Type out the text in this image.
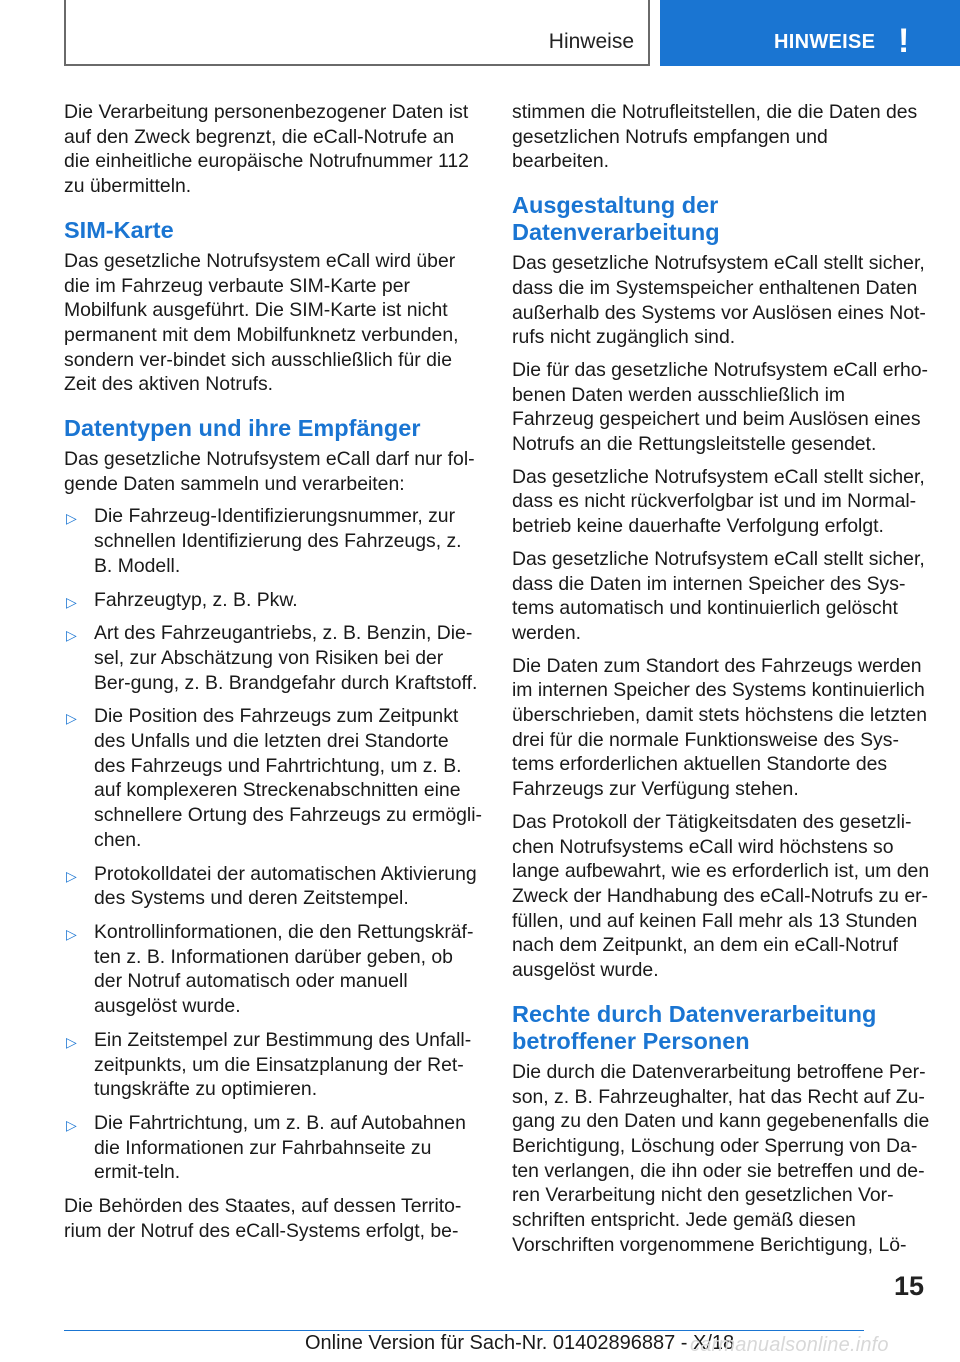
Hinweise	HINWEISE !

Die Verarbeitung personenbezogener Daten ist auf den Zweck begrenzt, die eCall-Notrufe an die einheitliche europäische Notrufnummer 112 zu übermitteln.

SIM-Karte

Das gesetzliche Notrufsystem eCall wird über die im Fahrzeug verbaute SIM-Karte per Mobilfunk ausgeführt. Die SIM-Karte ist nicht permanent mit dem Mobilfunknetz verbunden, sondern ver-bindet sich ausschließlich für die Zeit des aktiven Notrufs.

Datentypen und ihre Empfänger

Das gesetzliche Notrufsystem eCall darf nur fol-gende Daten sammeln und verarbeiten:

▷ Die Fahrzeug-Identifizierungsnummer, zur schnellen Identifizierung des Fahrzeugs, z. B. Modell.
▷ Fahrzeugtyp, z. B. Pkw.
▷ Art des Fahrzeugantriebs, z. B. Benzin, Die-sel, zur Abschätzung von Risiken bei der Ber-gung, z. B. Brandgefahr durch Kraftstoff.
▷ Die Position des Fahrzeugs zum Zeitpunkt des Unfalls und die letzten drei Standorte des Fahrzeugs und Fahrtrichtung, um z. B. auf komplexeren Streckenabschnitten eine schnellere Ortung des Fahrzeugs zu ermögli-chen.
▷ Protokolldatei der automatischen Aktivierung des Systems und deren Zeitstempel.
▷ Kontrollinformationen, die den Rettungskräf-ten z. B. Informationen darüber geben, ob der Notruf automatisch oder manuell ausgelöst wurde.
▷ Ein Zeitstempel zur Bestimmung des Unfall-zeitpunkts, um die Einsatzplanung der Ret-tungskräfte zu optimieren.
▷ Die Fahrtrichtung, um z. B. auf Autobahnen die Informationen zur Fahrbahnseite zu ermit-teln.

Die Behörden des Staates, auf dessen Territo-rium der Notruf des eCall-Systems erfolgt, be-

stimmen die Notrufleitstellen, die die Daten des gesetzlichen Notrufs empfangen und bearbeiten.

Ausgestaltung der Datenverarbeitung

Das gesetzliche Notrufsystem eCall stellt sicher, dass die im Systemspeicher enthaltenen Daten außerhalb des Systems vor Auslösen eines Not-rufs nicht zugänglich sind.

Die für das gesetzliche Notrufsystem eCall erho-benen Daten werden ausschließlich im Fahrzeug gespeichert und beim Auslösen eines Notrufs an die Rettungsleitstelle gesendet.

Das gesetzliche Notrufsystem eCall stellt sicher, dass es nicht rückverfolgbar ist und im Normal-betrieb keine dauerhafte Verfolgung erfolgt.

Das gesetzliche Notrufsystem eCall stellt sicher, dass die Daten im internen Speicher des Sys-tems automatisch und kontinuierlich gelöscht werden.

Die Daten zum Standort des Fahrzeugs werden im internen Speicher des Systems kontinuierlich überschrieben, damit stets höchstens die letzten drei für die normale Funktionsweise des Sys-tems erforderlichen aktuellen Standorte des Fahrzeugs zur Verfügung stehen.

Das Protokoll der Tätigkeitsdaten des gesetzli-chen Notrufsystems eCall wird höchstens so lange aufbewahrt, wie es erforderlich ist, um den Zweck der Handhabung des eCall-Notrufs zu er-füllen, und auf keinen Fall mehr als 13 Stunden nach dem Zeitpunkt, an dem ein eCall-Notruf ausgelöst wurde.

Rechte durch Datenverarbeitung betroffener Personen

Die durch die Datenverarbeitung betroffene Per-son, z. B. Fahrzeughalter, hat das Recht auf Zu-gang zu den Daten und kann gegebenenfalls die Berichtigung, Löschung oder Sperrung von Da-ten verlangen, die ihn oder sie betreffen und de-ren Verarbeitung nicht den gesetzlichen Vor-schriften entspricht. Jede gemäß diesen Vorschriften vorgenommene Berichtigung, Lö-

15
Online Version für Sach-Nr. 01402896887 - X/18
carmanualsonline.info
